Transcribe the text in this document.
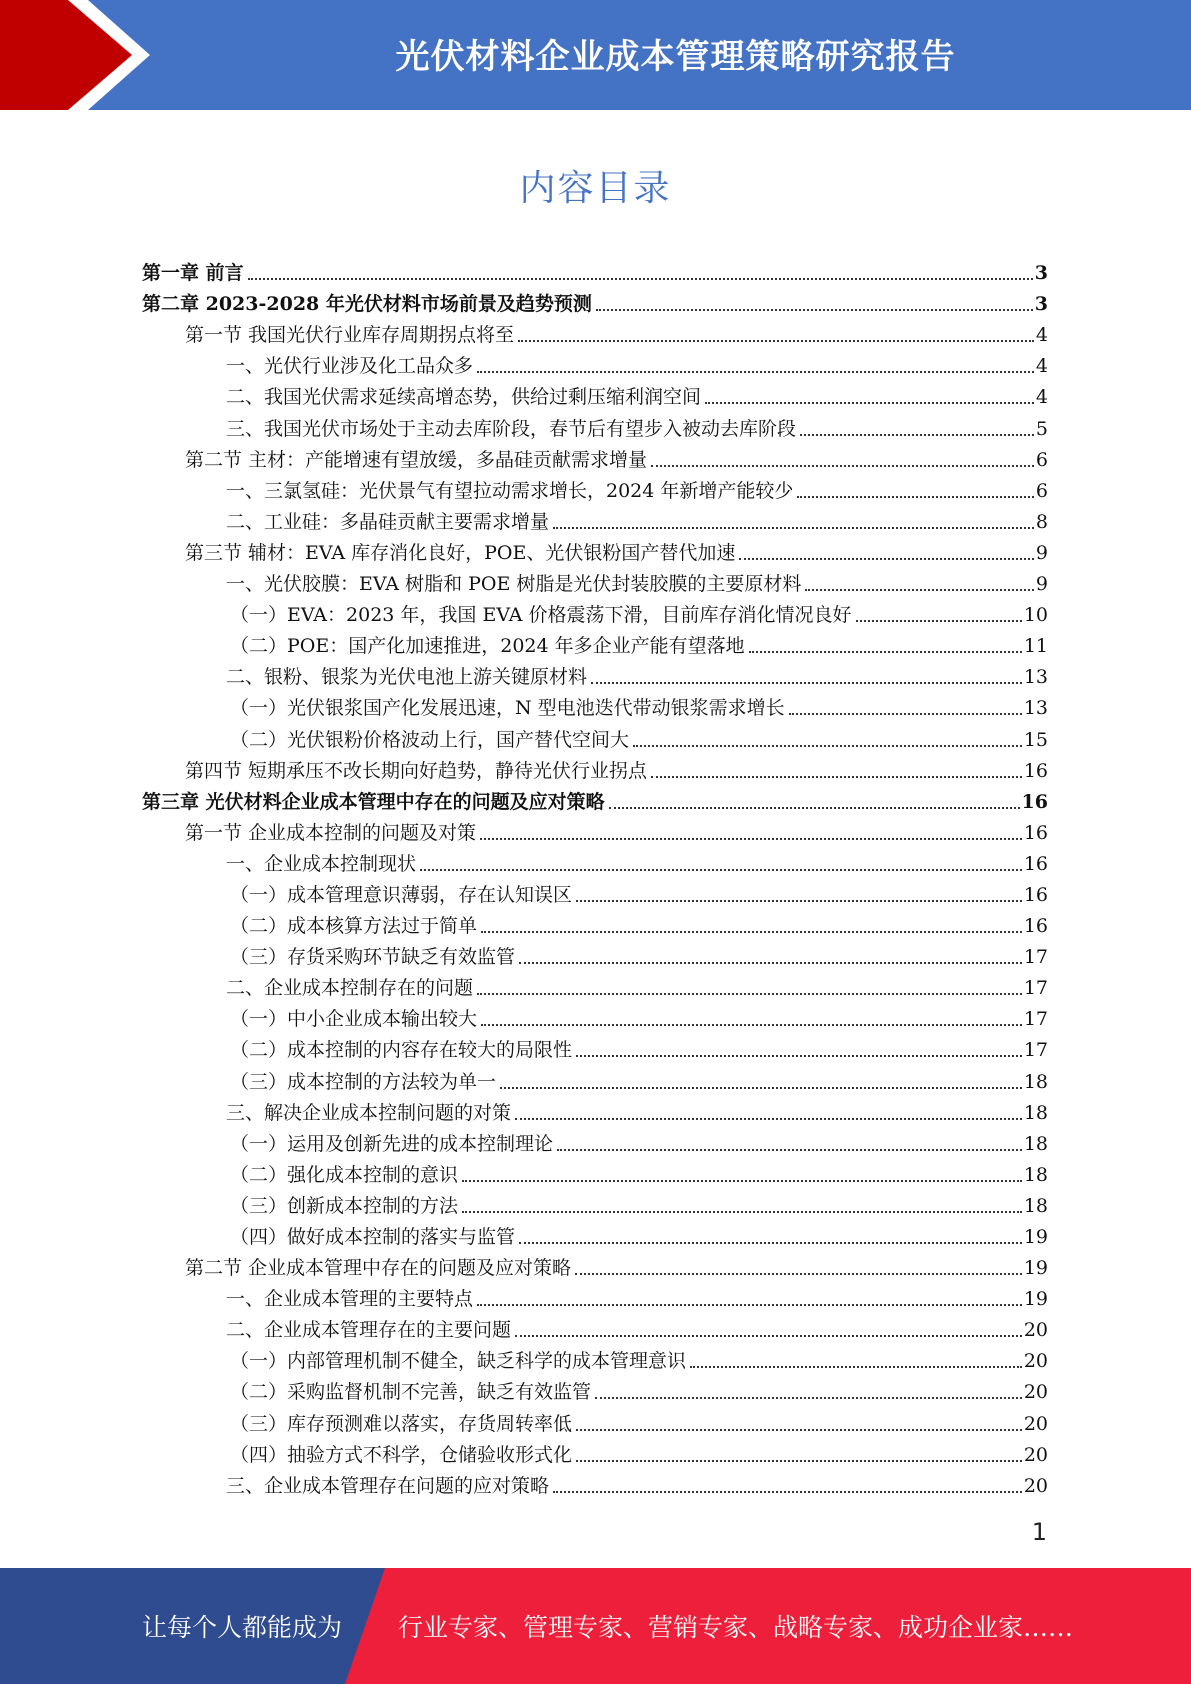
光伏材料企业成本管理策略研究报告
内容目录
第一章 前言	3
第二章 2023-2028 年光伏材料市场前景及趋势预测	3
第一节 我国光伏行业库存周期拐点将至	4
一、光伏行业涉及化工品众多	4
二、我国光伏需求延续高增态势，供给过剩压缩利润空间	4
三、我国光伏市场处于主动去库阶段，春节后有望步入被动去库阶段	5
第二节 主材：产能增速有望放缓，多晶硅贡献需求增量	6
一、三氯氢硅：光伏景气有望拉动需求增长，2024 年新增产能较少	6
二、工业硅：多晶硅贡献主要需求增量	8
第三节 辅材：EVA 库存消化良好，POE、光伏银粉国产替代加速	9
一、光伏胶膜：EVA 树脂和 POE 树脂是光伏封装胶膜的主要原材料	9
（一）EVA：2023 年，我国 EVA 价格震荡下滑，目前库存消化情况良好	10
（二）POE：国产化加速推进，2024 年多企业产能有望落地	11
二、银粉、银浆为光伏电池上游关键原材料	13
（一）光伏银浆国产化发展迅速，N 型电池迭代带动银浆需求增长	13
（二）光伏银粉价格波动上行，国产替代空间大	15
第四节 短期承压不改长期向好趋势，静待光伏行业拐点	16
第三章 光伏材料企业成本管理中存在的问题及应对策略	16
第一节 企业成本控制的问题及对策	16
一、企业成本控制现状	16
（一）成本管理意识薄弱，存在认知误区	16
（二）成本核算方法过于简单	16
（三）存货采购环节缺乏有效监管	17
二、企业成本控制存在的问题	17
（一）中小企业成本输出较大	17
（二）成本控制的内容存在较大的局限性	17
（三）成本控制的方法较为单一	18
三、解决企业成本控制问题的对策	18
（一）运用及创新先进的成本控制理论	18
（二）强化成本控制的意识	18
（三）创新成本控制的方法	18
（四）做好成本控制的落实与监管	19
第二节 企业成本管理中存在的问题及应对策略	19
一、企业成本管理的主要特点	19
二、企业成本管理存在的主要问题	20
（一）内部管理机制不健全，缺乏科学的成本管理意识	20
（二）采购监督机制不完善，缺乏有效监管	20
（三）库存预测难以落实，存货周转率低	20
（四）抽验方式不科学，仓储验收形式化	20
三、企业成本管理存在问题的应对策略	20
1
让每个人都能成为 行业专家、管理专家、营销专家、战略专家、成功企业家……
